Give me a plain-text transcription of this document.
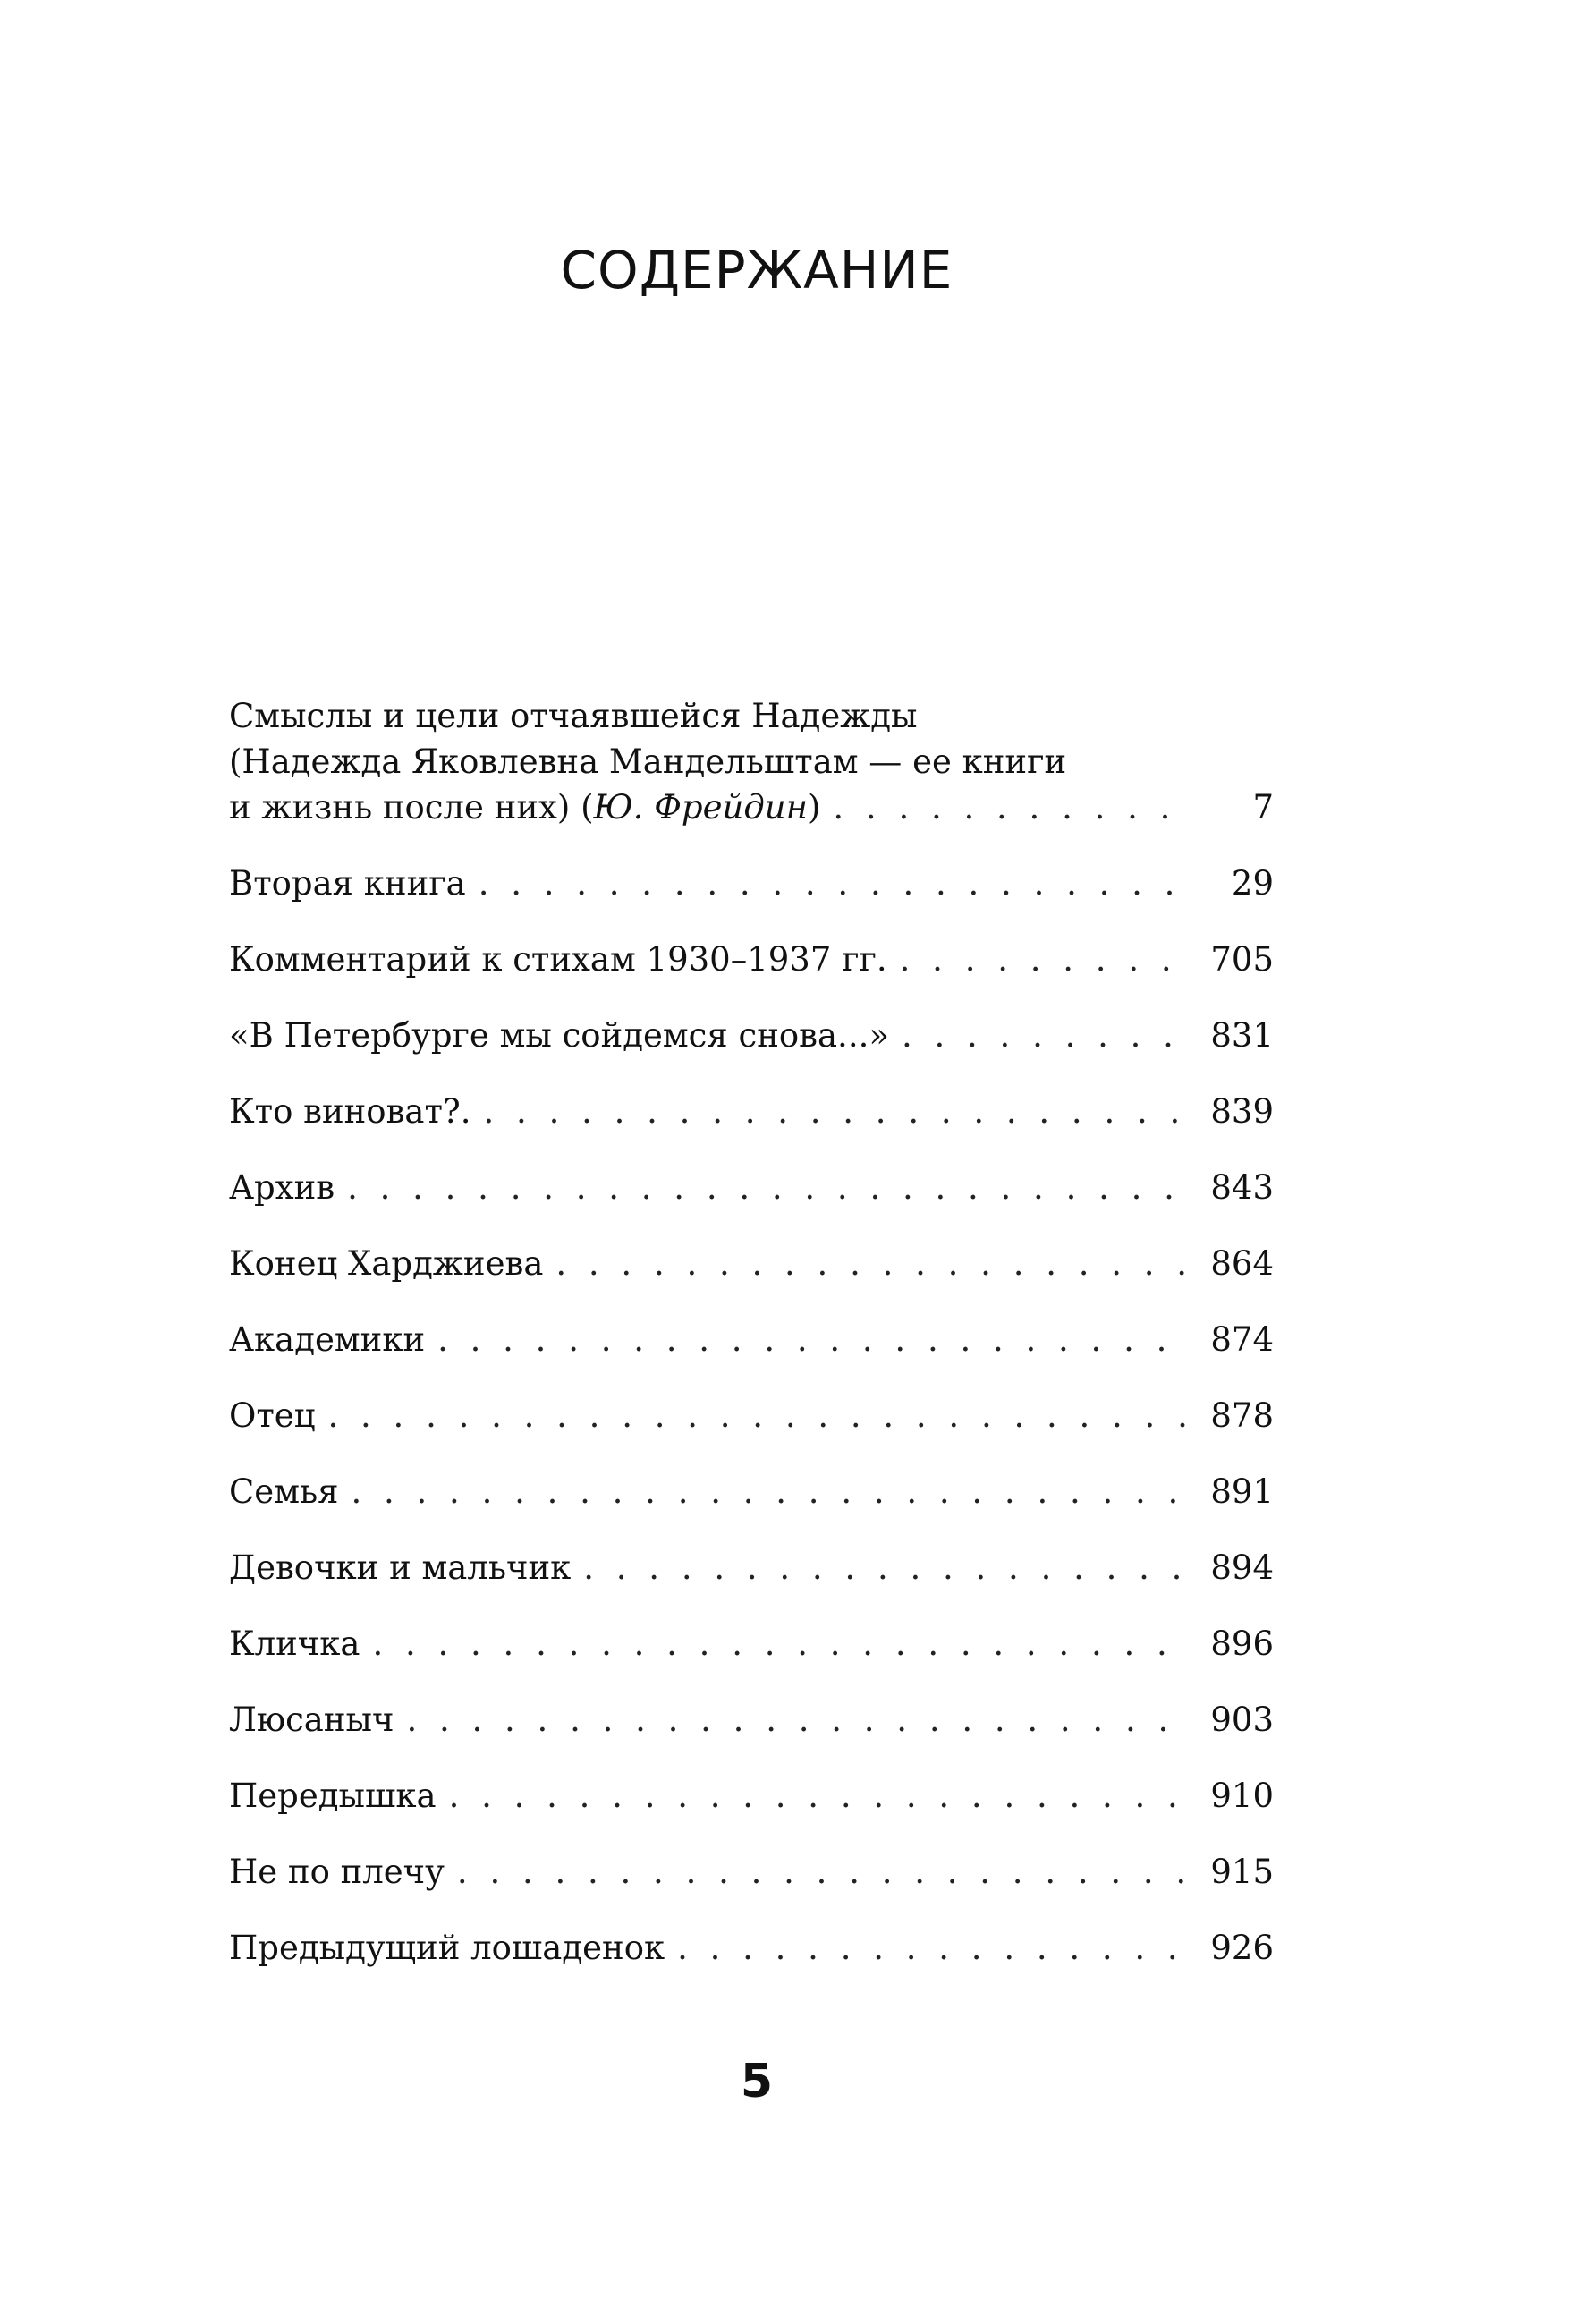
СОДЕРЖАНИЕ
Смыслы и цели отчаявшейся Надежды
(Надежда Яковлевна Мандельштам — ее книги
и жизнь после них) (Ю. Фрейдин) . . .	7
Вторая книга . . .	29
Комментарий к стихам 1930–1937 гг. . . .	705
«В Петербурге мы сойдемся снова...» . . .	831
Кто виноват?. . . .	839
Архив . . .	843
Конец Харджиева . . .	864
Академики . . .	874
Отец . . .	878
Семья . . .	891
Девочки и мальчик . . .	894
Кличка . . .	896
Люсаныч . . .	903
Передышка . . .	910
Не по плечу . . .	915
Предыдущий лошаденок . . .	926
5
